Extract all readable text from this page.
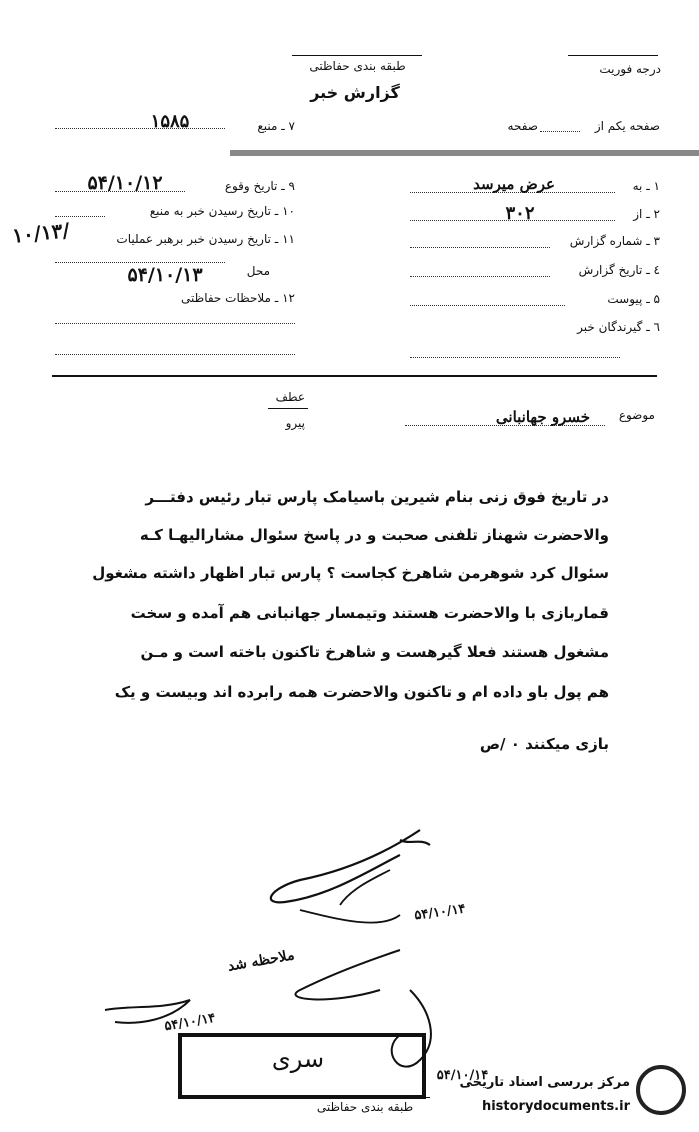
طبقه بندی حفاظتی
گزارش خبر
درجه فوریت
صفحه یکم از
صفحه
۷ ـ منبع
۱۵۸۵
۹ ـ تاریخ وقوع
۵۴/۱۰/۱۲
۱۰ ـ تاریخ رسیدن خبر به منبع
۱۱ ـ تاریخ رسیدن خبر برهبر عملیات
۱۰/۱۳/
محل
۵۴/۱۰/۱۳
۱۲ ـ ملاحظات حفاظتی
۱ ـ به
عرض میرسد
۲ ـ از
۳۰۲
۳ ـ شماره گزارش
٤ ـ تاریخ گزارش
۵ ـ پیوست
٦ ـ گیرندگان خبر
عطف
پیرو
موضوع
خسرو جهانبانی
در تاریخ فوق زنی بنام شیرین باسیامک پارس تبار رئیس دفتـــر
والاحضرت شهناز تلفنی صحبت و در پاسخ سئوال مشارالیهـا کـه
سئوال کرد شوهرمن شاهرخ کجاست ؟ پارس تبار اظهار داشته مشغول
قماربازی با والاحضرت هستند وتیمسار جهانبانی هم آمده و سخت
مشغول هستند فعلا گیرهست و شاهرخ تاکنون باخته است و مـن
هم پول باو داده ام و تاکنون والاحضرت همه رابرده اند وبیست و یک
بازی میکنند ۰ /ص
۵۴/۱۰/۱۴
ملاحظه شد
۵۴/۱۰/۱۴
۵۴/۱۰/۱۴
سری
طبقه بندی حفاظتی
مرکز بررسی اسناد تاریخی
historydocuments.ir
